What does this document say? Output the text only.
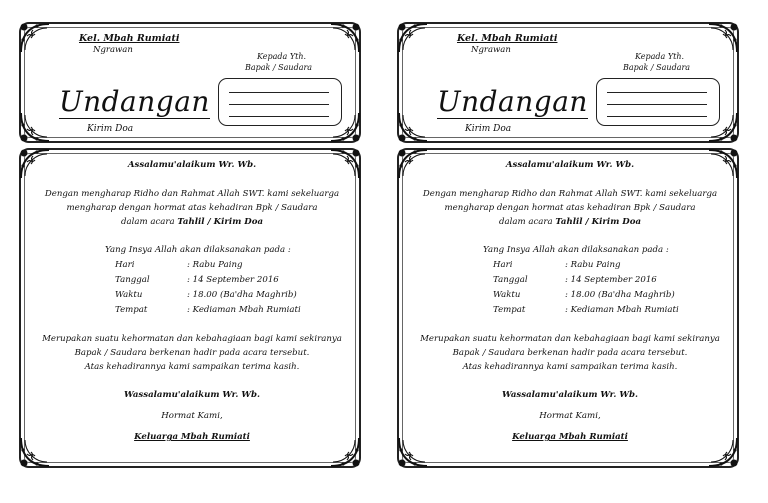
Kel. Mbah Rumiati
Ngrawan
Undangan
Kirim Doa
Kepada Yth.
Bapak / Saudara
Assalamu'alaikum Wr. Wb.
Dengan mengharap Ridho dan Rahmat Allah SWT. kami sekeluarga
mengharap dengan hormat atas kehadiran Bpk / Saudara
dalam acara Tahlil / Kirim Doa
Yang Insya Allah akan dilaksanakan pada :
Hari	: Rabu Paing
Tanggal	: 14 September 2016
Waktu	: 18.00 (Ba'dha Maghrib)
Tempat	: Kediaman Mbah Rumiati
Merupakan suatu kehormatan dan kebahagiaan bagi kami sekiranya
Bapak / Saudara berkenan hadir pada acara tersebut.
Atas kehadirannya kami sampaikan terima kasih.
Wassalamu'alaikum Wr. Wb.
Hormat Kami,
Keluarga Mbah Rumiati
Kel. Mbah Rumiati
Ngrawan
Undangan
Kirim Doa
Kepada Yth.
Bapak / Saudara
Assalamu'alaikum Wr. Wb.
Dengan mengharap Ridho dan Rahmat Allah SWT. kami sekeluarga
mengharap dengan hormat atas kehadiran Bpk / Saudara
dalam acara Tahlil / Kirim Doa
Yang Insya Allah akan dilaksanakan pada :
Hari	: Rabu Paing
Tanggal	: 14 September 2016
Waktu	: 18.00 (Ba'dha Maghrib)
Tempat	: Kediaman Mbah Rumiati
Merupakan suatu kehormatan dan kebahagiaan bagi kami sekiranya
Bapak / Saudara berkenan hadir pada acara tersebut.
Atas kehadirannya kami sampaikan terima kasih.
Wassalamu'alaikum Wr. Wb.
Hormat Kami,
Keluarga Mbah Rumiati
